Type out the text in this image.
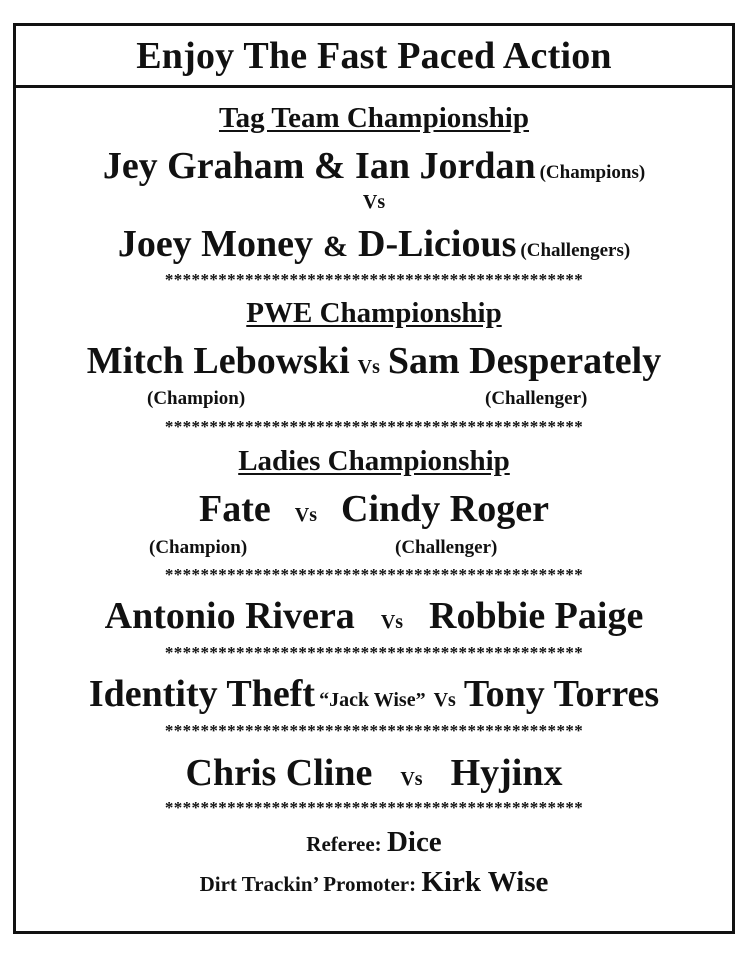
Enjoy The Fast Paced Action
Tag Team Championship
Jey Graham & Ian Jordan (Champions)
Vs
Joey Money & D-Licious (Challengers)
***********************************************
PWE Championship
Mitch Lebowski Vs Sam Desperately
(Champion)	(Challenger)
***********************************************
Ladies Championship
Fate Vs Cindy Roger
(Champion)	(Challenger)
***********************************************
Antonio Rivera Vs Robbie Paige
***********************************************
Identity Theft “Jack Wise” Vs Tony Torres
***********************************************
Chris Cline Vs Hyjinx
***********************************************
Referee: Dice
Dirt Trackin’ Promoter: Kirk Wise
